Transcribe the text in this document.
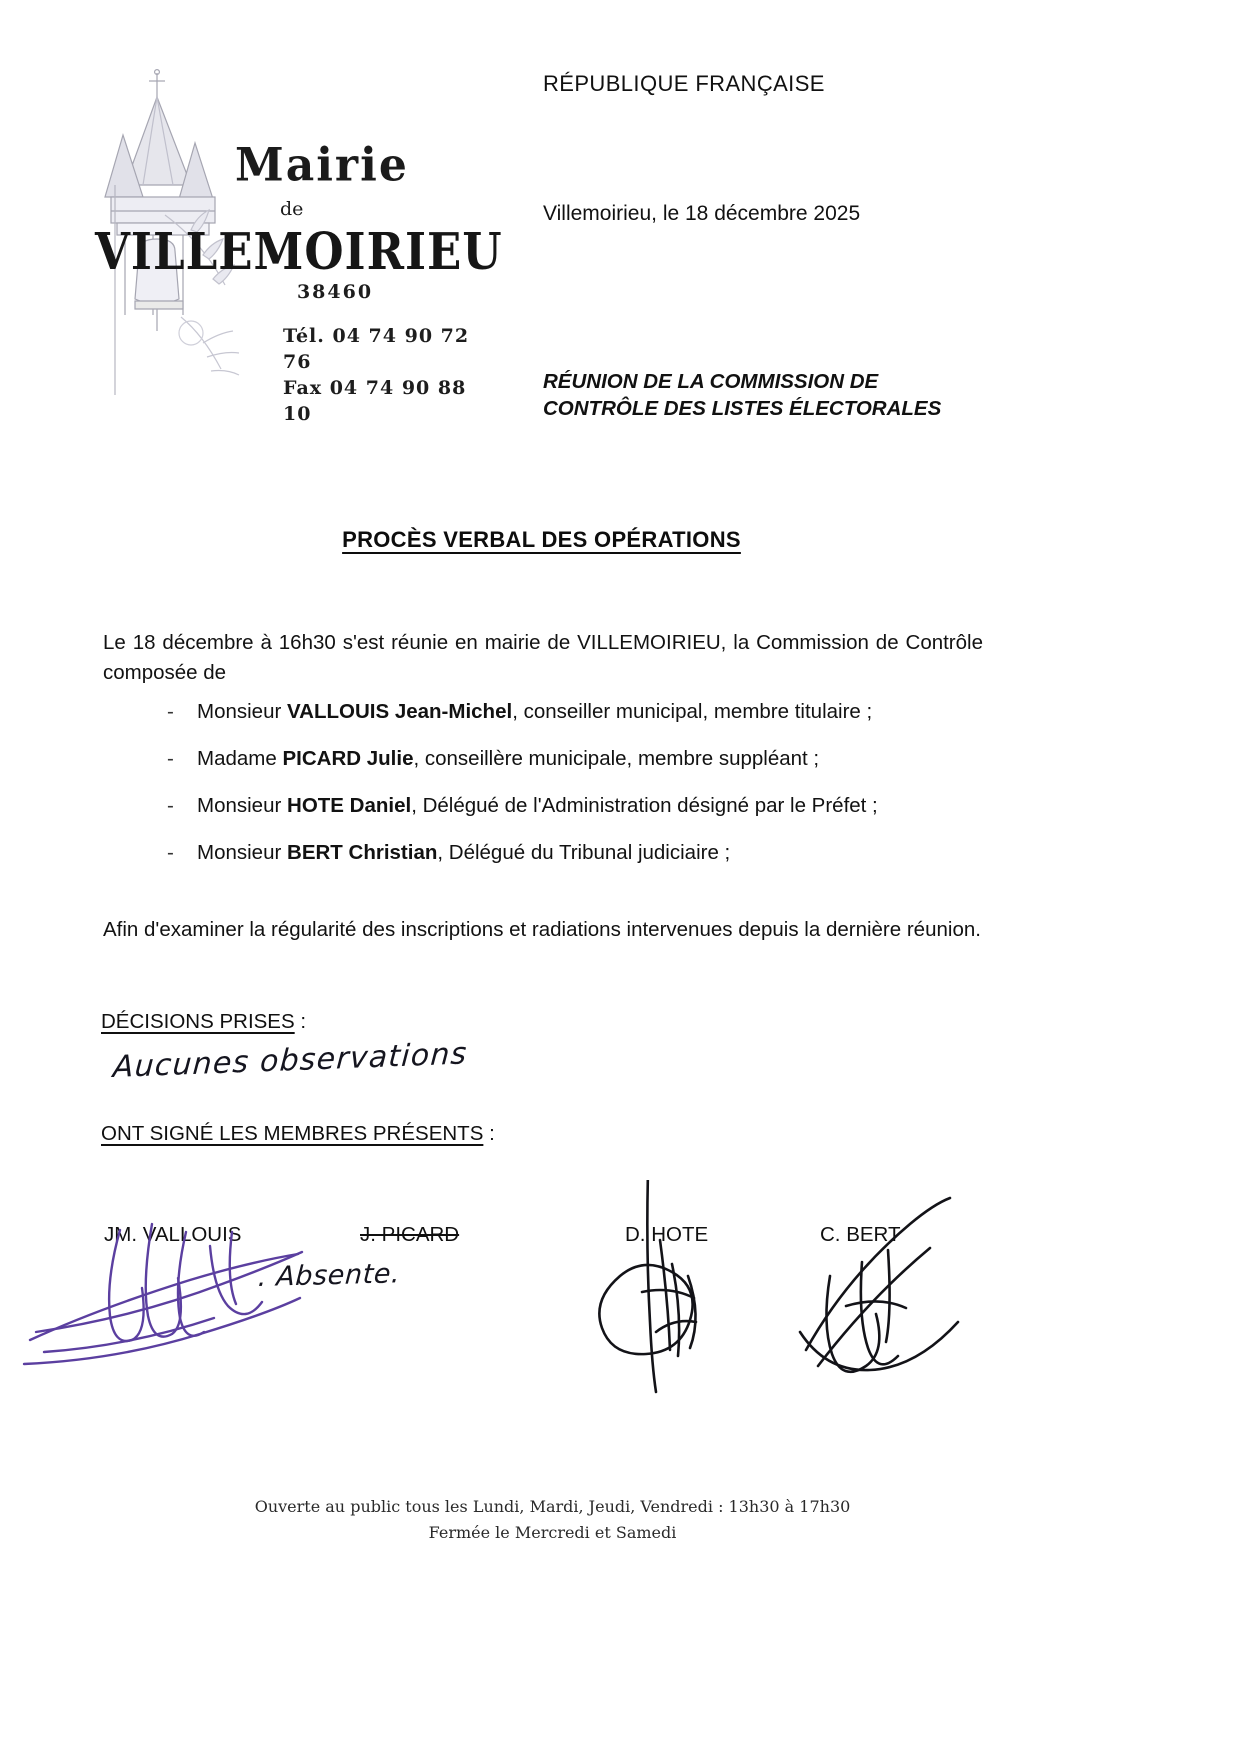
Mairie
de
VILLEMOIRIEU
38460
Tél. 04 74 90 72 76
Fax 04 74 90 88 10
RÉPUBLIQUE FRANÇAISE
Villemoirieu, le 18 décembre 2025
RÉUNION DE LA COMMISSION DE
CONTRÔLE DES LISTES ÉLECTORALES
PROCÈS VERBAL DES OPÉRATIONS
Le 18 décembre à 16h30 s'est réunie en mairie de VILLEMOIRIEU, la Commission de Contrôle composée de
-	Monsieur VALLOUIS Jean-Michel, conseiller municipal, membre titulaire ;
-	Madame PICARD Julie, conseillère municipale, membre suppléant ;
-	Monsieur HOTE Daniel, Délégué de l'Administration désigné par le Préfet ;
-	Monsieur BERT Christian, Délégué du Tribunal judiciaire ;
Afin d'examiner la régularité des inscriptions et radiations intervenues depuis la dernière réunion.
DÉCISIONS PRISES :
Aucunes observations
ONT SIGNÉ LES MEMBRES PRÉSENTS :
JM. VALLOUIS	J. PICARD	D. HOTE	C. BERT
. Absente.
Ouverte au public tous les Lundi, Mardi, Jeudi, Vendredi : 13h30 à 17h30
Fermée le Mercredi et Samedi
